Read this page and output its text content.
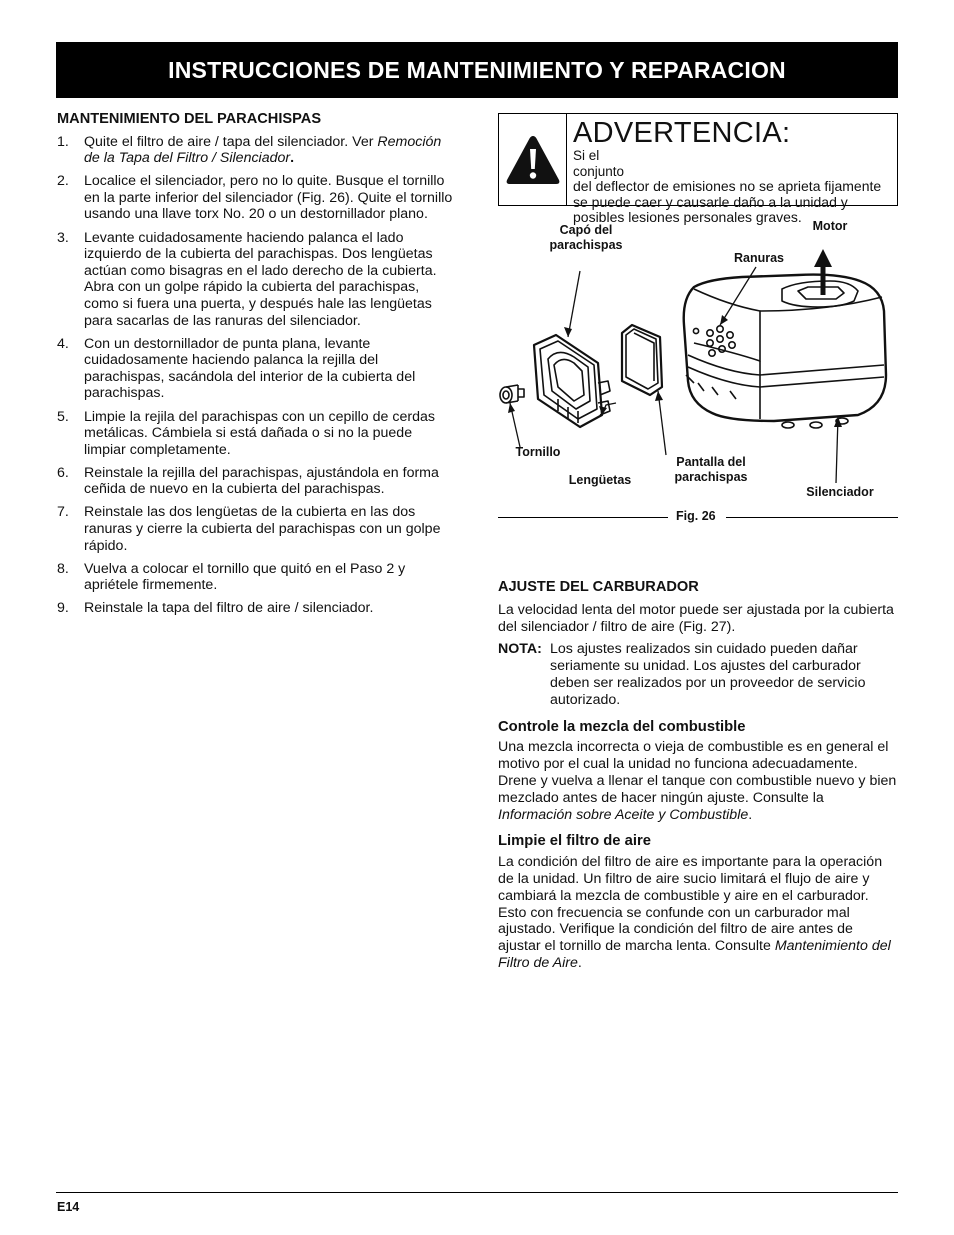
INSTRUCCIONES DE MANTENIMIENTO Y REPARACION
MANTENIMIENTO DEL PARACHISPAS
1.	Quite el filtro de aire / tapa del silenciador. Ver Remoción de la Tapa del Filtro / Silenciador.
2.	Localice el silenciador, pero no lo quite. Busque el tornillo en la parte inferior del silenciador (Fig. 26). Quite el tornillo usando una llave torx No. 20 o un destornillador plano.
3.	Levante cuidadosamente haciendo palanca el lado izquierdo de la cubierta del parachispas. Dos lengüetas actúan como bisagras en el lado derecho de la cubierta. Abra con un golpe rápido la cubierta del parachispas, como si fuera una puerta, y después hale las lengüetas para sacarlas de las ranuras del silenciador.
4.	Con un destornillador de punta plana, levante cuidadosamente haciendo palanca la rejilla del parachispas, sacándola del interior de la cubierta del parachispas.
5.	Limpie la rejila del parachispas con un cepillo de cerdas metálicas. Cámbiela si está dañada o si no la puede limpiar completamente.
6.	Reinstale la rejilla del parachispas, ajustándola en forma ceñida de nuevo en la cubierta del parachispas.
7.	Reinstale las dos lengüetas de la cubierta en las dos ranuras y cierre la cubierta del parachispas con un golpe rápido.
8.	Vuelva a colocar el tornillo que quitó en el Paso 2 y apriétele firmemente.
9.	Reinstale la tapa del filtro de aire / silenciador.
ADVERTENCIA:
Si el conjunto
del deflector de emisiones no se aprieta fijamente se puede caer y causarle daño a la unidad y posibles lesiones personales graves.
Capó del parachispas
Motor
Ranuras
Tornillo
Lengüetas
Pantalla del parachispas
Silenciador
Fig. 26
AJUSTE DEL CARBURADOR

La velocidad lenta del motor puede ser ajustada por la cubierta del silenciador / filtro de aire (Fig. 27).

NOTA: Los ajustes realizados sin cuidado pueden dañar seriamente su unidad. Los ajustes del carburador deben ser realizados por un proveedor de servicio autorizado.
Controle la mezcla del combustible

Una mezcla incorrecta o vieja de combustible es en general el motivo por el cual la unidad no funciona adecuadamente. Drene y vuelva a llenar el tanque con combustible nuevo y bien mezclado antes de hacer ningún ajuste. Consulte la Información sobre Aceite y Combustible.

Limpie el filtro de aire

La condición del filtro de aire es importante para la operación de la unidad. Un filtro de aire sucio limitará el flujo de aire y cambiará la mezcla de combustible y aire en el carburador. Esto con frecuencia se confunde con un carburador mal ajustado. Verifique la condición del filtro de aire antes de ajustar el tornillo de marcha lenta. Consulte Mantenimiento del Filtro de Aire.

E14
